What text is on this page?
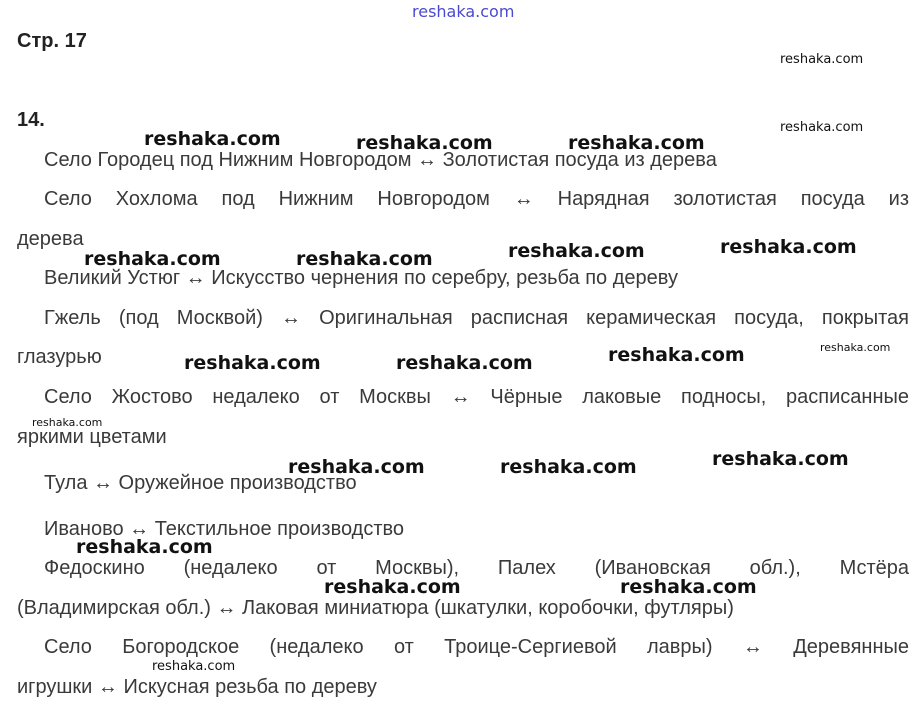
Стр. 17
14.
Село Городец под Нижним Новгородом ↔ Золотистая посуда из дерева
Село Хохлома под Нижним Новгородом ↔ Нарядная золотистая посуда из
дерева
Великий Устюг ↔ Искусство чернения по серебру, резьба по дереву
Гжель (под Москвой) ↔ Оригинальная расписная керамическая посуда, покрытая
глазурью
Село Жостово недалеко от Москвы ↔ Чёрные лаковые подносы, расписанные
яркими цветами
Тула ↔ Оружейное производство
Иваново ↔ Текстильное производство
Федоскино (недалеко от Москвы), Палех (Ивановская обл.), Мстёра
(Владимирская обл.) ↔ Лаковая миниатюра (шкатулки, коробочки, футляры)
Село Богородское (недалеко от Троице-Сергиевой лавры) ↔ Деревянные
игрушки ↔ Искусная резьба по дереву
reshaka.com
reshaka.com
reshaka.com
reshaka.com	reshaka.com	reshaka.com
reshaka.com	reshaka.com
reshaka.com	reshaka.com
reshaka.com
reshaka.com
reshaka.com	reshaka.com
reshaka.com
reshaka.com
reshaka.com	reshaka.com
reshaka.com
reshaka.com	reshaka.com
reshaka.com
